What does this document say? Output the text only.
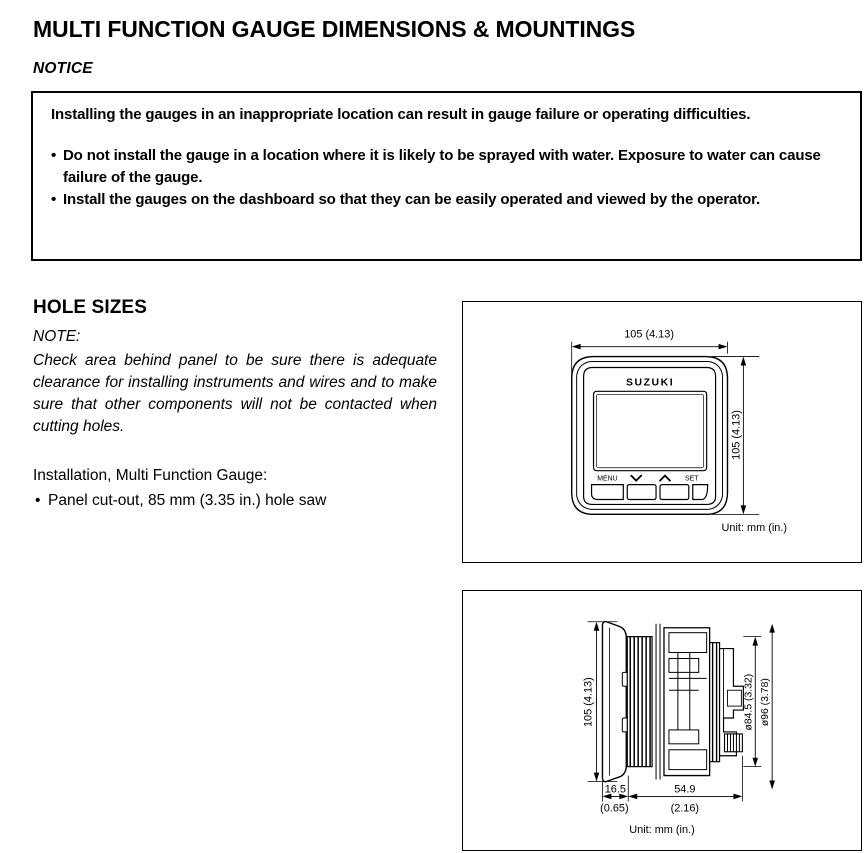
MULTI FUNCTION GAUGE DIMENSIONS & MOUNTINGS
NOTICE
Installing the gauges in an inappropriate location can result in gauge failure or operating difficulties.
• Do not install the gauge in a location where it is likely to be sprayed with water. Exposure to water can cause failure of the gauge.
• Install the gauges on the dashboard so that they can be easily operated and viewed by the operator.
HOLE SIZES
NOTE:
Check area behind panel to be sure there is adequate clearance for installing instruments and wires and to make sure that other components will not be contacted when cutting holes.
Installation, Multi Function Gauge:
• Panel cut-out, 85 mm (3.35 in.) hole saw
105 (4.13)
105 (4.13)
SUZUKI
MENU	SET
Unit: mm (in.)
105 (4.13)	ø84.5 (3.32) ø96 (3.78)
16.5
(0.65)
54.9
(2.16)
Unit: mm (in.)
